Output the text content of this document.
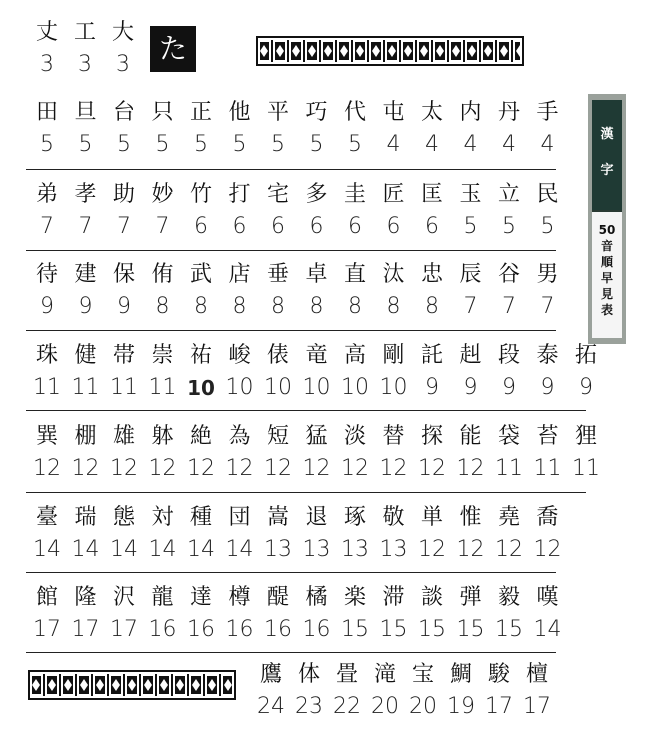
丈
3
工
3
大
3	た
漢
字
50
音
順
早
見
表
田
5
旦
5
台
5
只
5
正
5
他
5
平
5
巧
5
代
5
屯
4
太
4
内
4
丹
4
手
4
弟
7
孝
7
助
7
妙
7
竹
6
打
6
宅
6
多
6
圭
6
匠
6
匡
6
玉
5
立
5
民
5
待
9
建
9
保
9
侑
8
武
8
店
8
垂
8
卓
8
直
8
汰
8
忠
8
辰
7
谷
7
男
7
珠
11
健
11
帯
11
崇
11
祐
10
峻
10
俵
10
竜
10
高
10
剛
10
託
9
赳
9
段
9
泰
9
拓
9
巽
12
棚
12
雄
12
躰
12
絶
12
為
12
短
12
猛
12
淡
12
替
12
探
12
能
12
袋
11
苔
11
狸
11
臺
14
瑞
14
態
14
対
14
種
14
団
14
嵩
13
退
13
琢
13
敬
13
単
12
惟
12
堯
12
喬
12
館
17
隆
17
沢
17
龍
16
達
16
樽
16
醍
16
橘
16
楽
15
滞
15
談
15
弾
15
毅
15
嘆
14
鷹
24
体
23
畳
22
滝
20
宝
20
鯛
19
駿
17
檀
17
